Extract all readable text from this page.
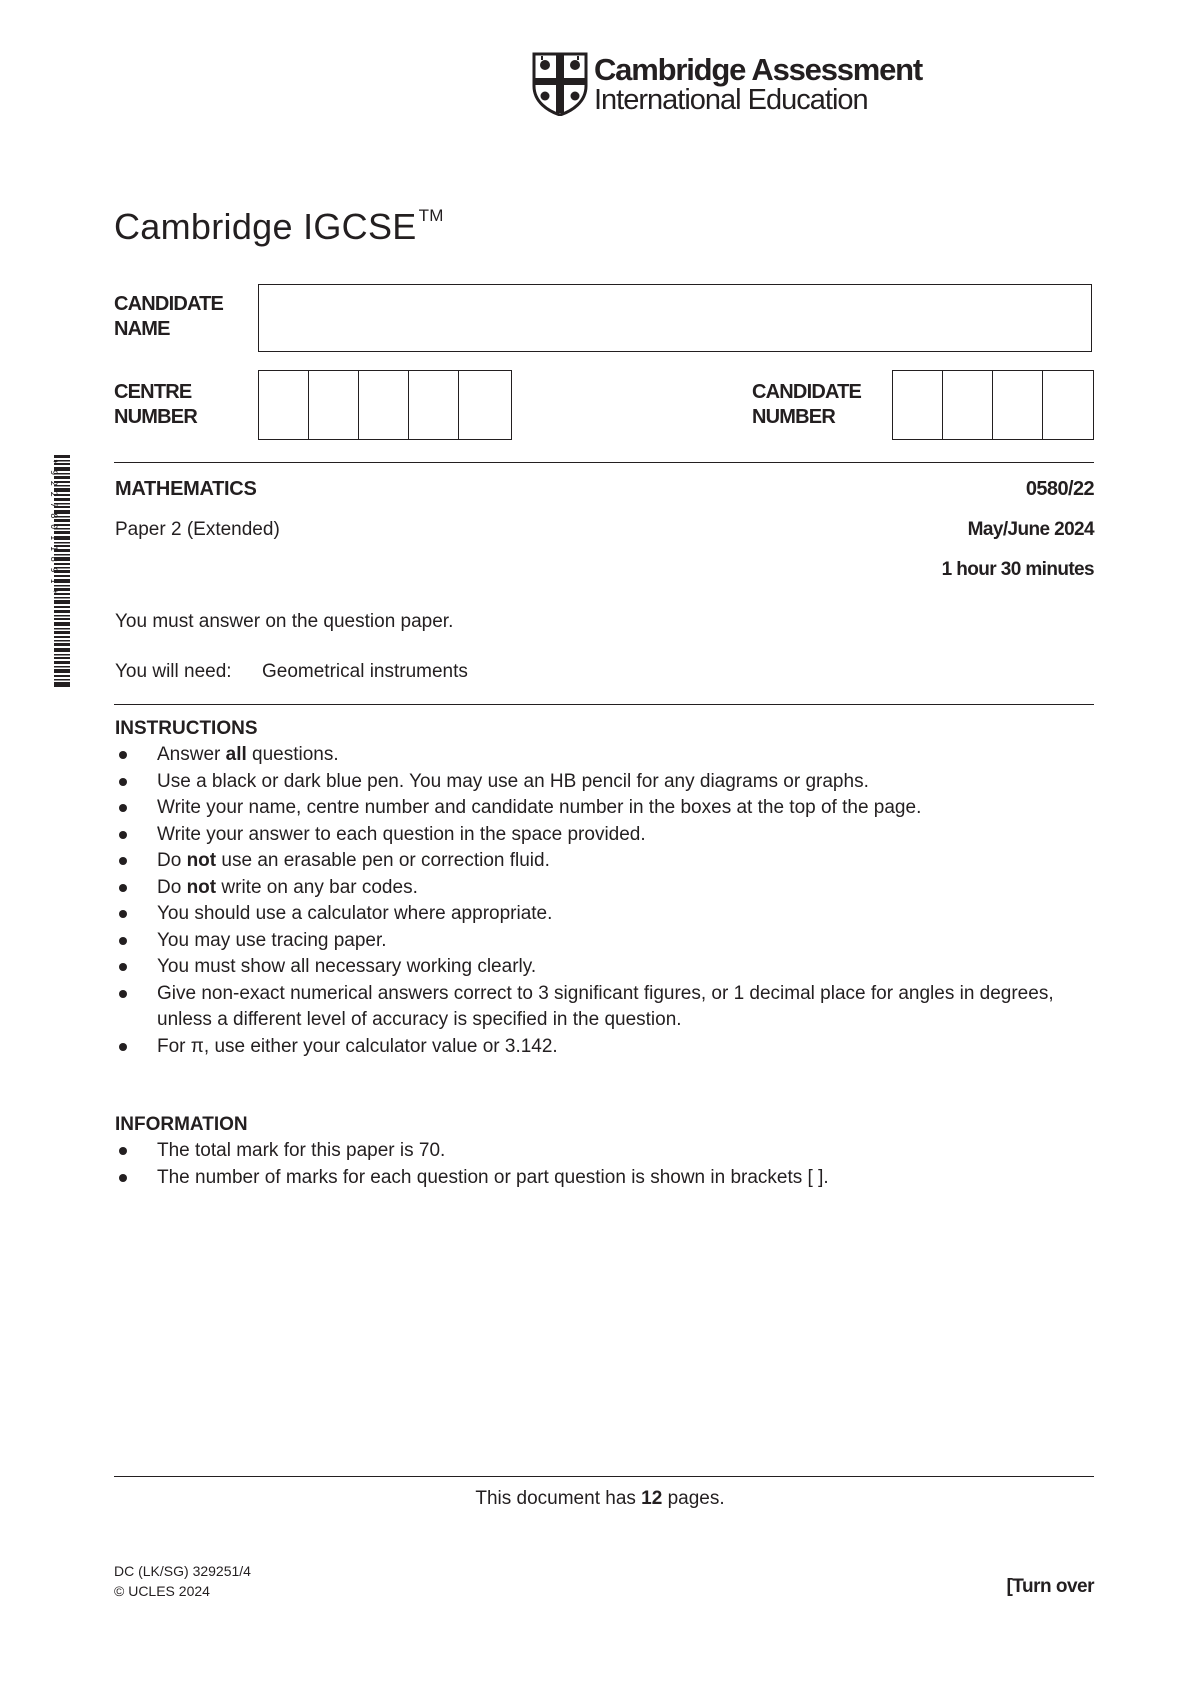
Cambridge Assessment
International Education
Cambridge IGCSE ™
CANDIDATE
NAME
CENTRE
NUMBER
CANDIDATE
NUMBER
* 9 2 2 7 8 0 1 1 8 9 1 *	MATHEMATICS	0580/22
Paper 2 (Extended)	May/June 2024
1 hour 30 minutes
You must answer on the question paper.
You will need: Geometrical instruments
INSTRUCTIONS
Answer all questions.
Use a black or dark blue pen. You may use an HB pencil for any diagrams or graphs.
Write your name, centre number and candidate number in the boxes at the top of the page.
Write your answer to each question in the space provided.
Do not use an erasable pen or correction fluid.
Do not write on any bar codes.
You should use a calculator where appropriate.
You may use tracing paper.
You must show all necessary working clearly.
Give non-exact numerical answers correct to 3 significant figures, or 1 decimal place for angles in degrees, unless a different level of accuracy is specified in the question.
For π, use either your calculator value or 3.142.
INFORMATION
The total mark for this paper is 70.
The number of marks for each question or part question is shown in brackets [ ].
This document has 12 pages.
DC (LK/SG) 329251/4
© UCLES 2024	[Turn over
